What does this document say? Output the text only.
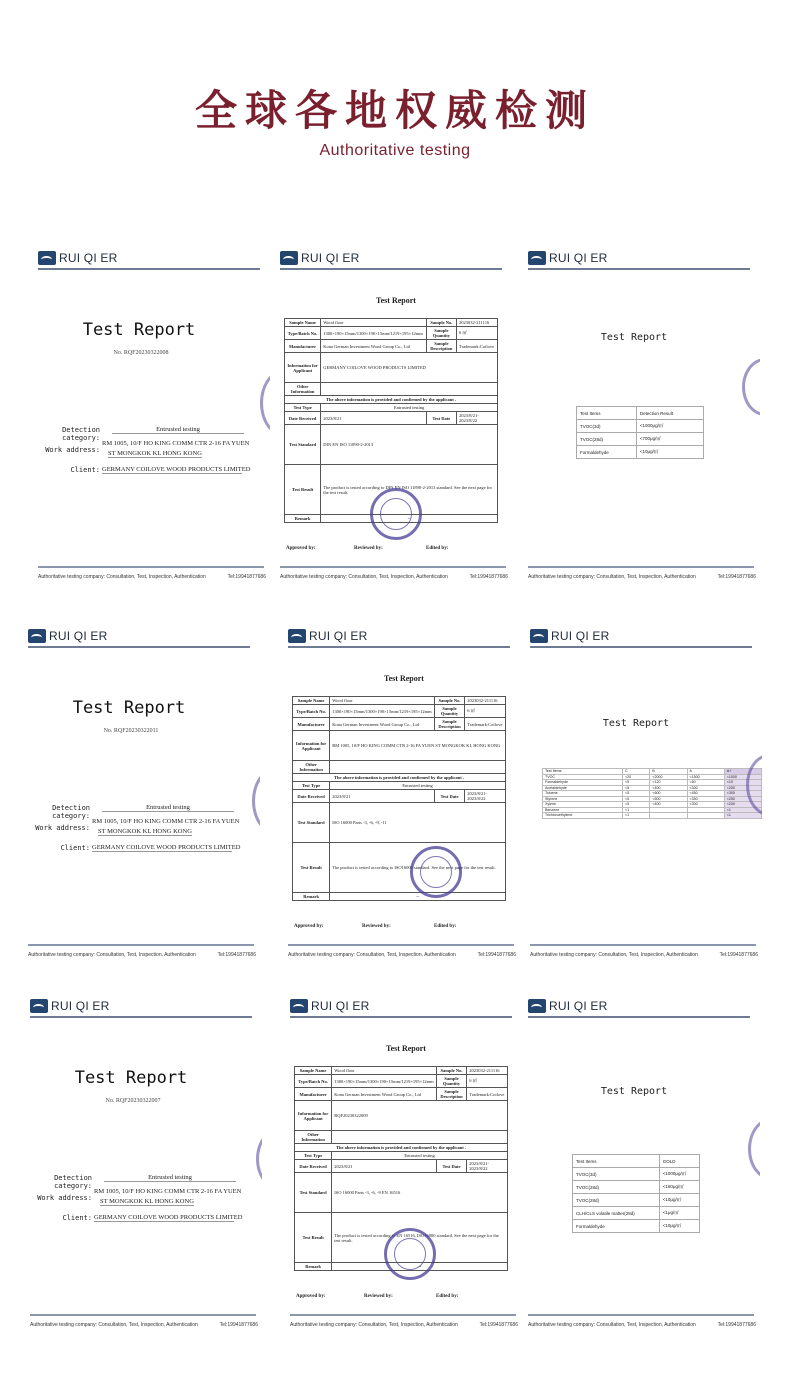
全球各地权威检测
Authoritative testing
RUI QI ER
Test Report
No. RQF20230322008
Detection category:
Entrusted testing
Work address:
RM 1005, 10/F HO KING COMM CTR 2-16 FA YUEN
ST MONGKOK KL HONG KONG
Client: GERMANY COILOVE WOOD PRODUCTS LIMITED
Authoritative testing company: Consultation, Test, Inspection, Authentication	Tel:19941877686
RUI QI ER
Test Report
Sample Name	Wood floor	Sample No.	2023032-211116
Type/Batch No.	1300×190×15mm/1300×190×15mm/1219×195×12mm	Sample Quantity	6 ㎡
Manufacturer	Kona German Investment Wood Group Co., Ltd	Sample Description	Trademark:Coilove
Information for Applicant	GERMANY COILOVE WOOD PRODUCTS LIMITED		
Other Information			
The above information is provided and confirmed by the applicant .			
Test Type	Entrusted testing		
Date Received	2023/8/21	Test Date	2023/8/21-2023/8/22
Test Standard	DIN EN ISO 11890-2-2013		
Test Result	The product is tested according to DIN EN ISO 11890-2-2013 standard. See the next page for the test result.		
Remark	--		
Approved by:	Reviewed by:	Edited by:
Authoritative testing company: Consultation, Test, Inspection, Authentication	Tel:19941877686
RUI QI ER
Test Report
Test Items	Detection Result
TVOC(3d)	<1000μg/㎡
TVOC(28d)	<700μg/㎡
Formaldehyde	<10μg/㎡
Authoritative testing company: Consultation, Test, Inspection, Authentication	Tel:19941877686
RUI QI ER
Test Report
No. RQF20230322011
Detection category:
Entrusted testing
Work address:
RM 1005, 10/F HO KING COMM CTR 2-16 FA YUEN
ST MONGKOK KL HONG KONG
Client: GERMANY COILOVE WOOD PRODUCTS LIMITED
Authoritative testing company: Consultation, Test, Inspection, Authentication	Tel:19941877686
RUI QI ER
Test Report
Sample Name	Wood floor	Sample No.	2023032-211116
Type/Batch No.	1300×190×15mm/1300×190×15mm/1219×195×12mm	Sample Quantity	6 ㎡
Manufacturer	Kona German Investment Wood Group Co., Ltd	Sample Description	Trademark:Coilove
Information for Applicant	RM 1005, 10/F HO KING COMM CTR 2-16 FA YUEN ST MONGKOK KL HONG KONG		
Other Information			
The above information is provided and confirmed by the applicant .			
Test Type	Entrusted testing		
Date Received	2023/8/21	Test Date	2023/8/21-2023/8/22
Test Standard	ISO 16000 Parts -3, -6, -9, -11		
Test Result	The product is tested according to ISO16000 standard. See the next page for the test result.		
Remark	--		
Approved by:	Reviewed by:	Edited by:
Authoritative testing company: Consultation, Test, Inspection, Authentication	Tel:19941877686
RUI QI ER
Test Report
Test Items	C	B	A	A+
TVOC	<20	<2000	<1500	<1000
Formaldehyde	<5	<120	<60	<10
Acetaldehyde	<5	<400	<300	<200
Toluene	<5	<600	<450	<300
Styrene	<5	<500	<350	<250
Xylene	<5	<400	<300	<200
Benzene	<1			<1
Trichloroethylene	<1			<1
Authoritative testing company: Consultation, Test, Inspection, Authentication	Tel:19941877686
RUI QI ER
Test Report
No. RQF20230322007
Detection category:
Entrusted testing
Work address:
RM 1005, 10/F HO KING COMM CTR 2-16 FA YUEN
ST MONGKOK KL HONG KONG
Client: GERMANY COILOVE WOOD PRODUCTS LIMITED
Authoritative testing company: Consultation, Test, Inspection, Authentication	Tel:19941877686
RUI QI ER
Test Report
Sample Name	Wood floor	Sample No.	2023032-211116
Type/Batch No.	1300×190×15mm/1300×190×15mm/1219×195×12mm	Sample Quantity	6 ㎡
Manufacturer	Kona German Investment Wood Group Co., Ltd	Sample Description	Trademark:Coilove
Information for Applicant	RQF20230322009		
Other Information			
The above information is provided and confirmed by the applicant .			
Test Type	Entrusted testing		
Date Received	2023/8/21	Test Date	2023/8/21-2023/8/22
Test Standard	ISO 16000 Parts -3, -6, -9 EN 16516		
Test Result	The product is tested according to EN 16516, ISO16000 standard. See the next page for the test result.		
Remark	--		
Approved by:	Reviewed by:	Edited by:
Authoritative testing company: Consultation, Test, Inspection, Authentication	Tel:19941877686
RUI QI ER
Test Report
Test Items	GOLD
TVOC(3d)	<1000μg/㎡
TVOC(28d)	<160μg/㎡
TVOC(28d)	<10μg/㎡
CLH/CLS volatile matter(28d)	<1μg/㎡
Formaldehyde	<10μg/㎡
Authoritative testing company: Consultation, Test, Inspection, Authentication	Tel:19941877686
